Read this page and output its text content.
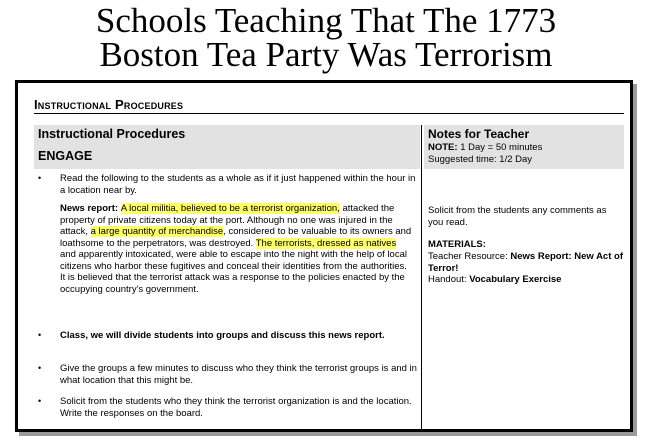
Schools Teaching That The 1773
Boston Tea Party Was Terrorism
Instructional Procedures
Instructional Procedures
ENGAGE
Notes for Teacher
NOTE: 1 Day = 50 minutes
Suggested time: 1/2 Day
• Read the following to the students as a whole as if it just happened within the hour in a location near by.
News report: A local militia, believed to be a terrorist organization, attacked the property of private citizens today at the port. Although no one was injured in the attack, a large quantity of merchandise, considered to be valuable to its owners and loathsome to the perpetrators, was destroyed. The terrorists, dressed as natives and apparently intoxicated, were able to escape into the night with the help of local citizens who harbor these fugitives and conceal their identities from the authorities. It is believed that the terrorist attack was a response to the policies enacted by the occupying country's government.
• Class, we will divide students into groups and discuss this news report.
• Give the groups a few minutes to discuss who they think the terrorist groups is and in what location that this might be.
• Solicit from the students who they think the terrorist organization is and the location. Write the responses on the board.
Solicit from the students any comments as you read.
MATERIALS:
Teacher Resource: News Report: New Act of Terror!
Handout: Vocabulary Exercise
